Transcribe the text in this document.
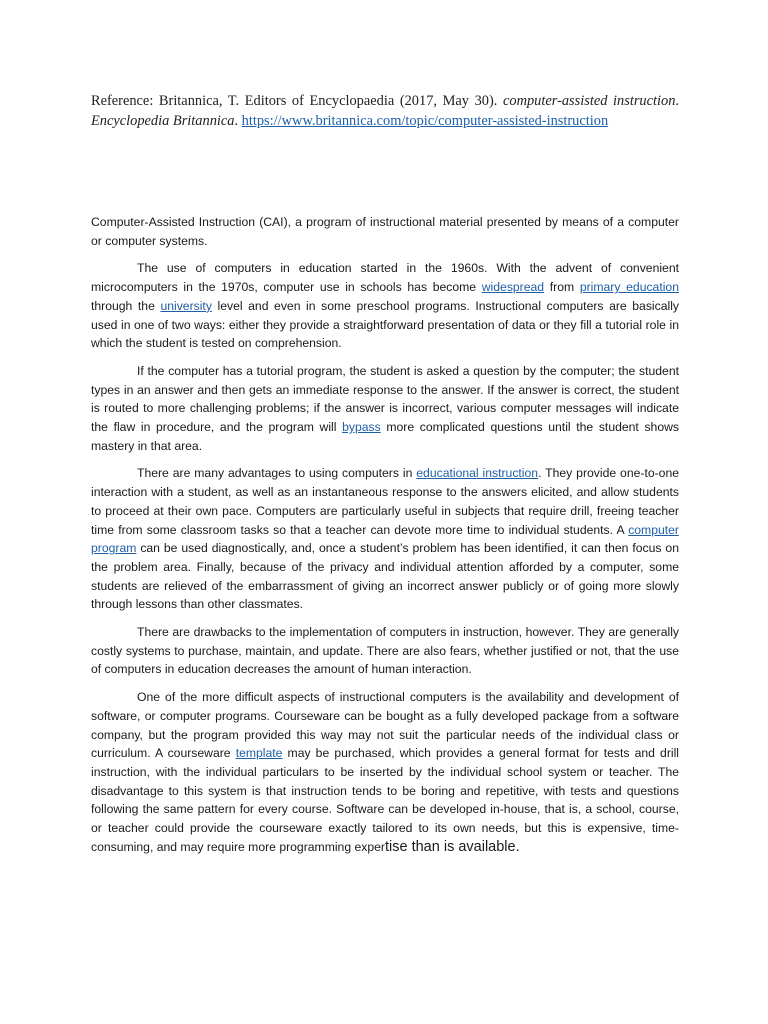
Reference: Britannica, T. Editors of Encyclopaedia (2017, May 30). computer-assisted instruction. Encyclopedia Britannica. https://www.britannica.com/topic/computer-assisted-instruction

Computer-Assisted Instruction (CAI), a program of instructional material presented by means of a computer or computer systems.

The use of computers in education started in the 1960s. With the advent of convenient microcomputers in the 1970s, computer use in schools has become widespread from primary education through the university level and even in some preschool programs. Instructional computers are basically used in one of two ways: either they provide a straightforward presentation of data or they fill a tutorial role in which the student is tested on comprehension.

If the computer has a tutorial program, the student is asked a question by the computer; the student types in an answer and then gets an immediate response to the answer. If the answer is correct, the student is routed to more challenging problems; if the answer is incorrect, various computer messages will indicate the flaw in procedure, and the program will bypass more complicated questions until the student shows mastery in that area.

There are many advantages to using computers in educational instruction. They provide one-to-one interaction with a student, as well as an instantaneous response to the answers elicited, and allow students to proceed at their own pace. Computers are particularly useful in subjects that require drill, freeing teacher time from some classroom tasks so that a teacher can devote more time to individual students. A computer program can be used diagnostically, and, once a student’s problem has been identified, it can then focus on the problem area. Finally, because of the privacy and individual attention afforded by a computer, some students are relieved of the embarrassment of giving an incorrect answer publicly or of going more slowly through lessons than other classmates.

There are drawbacks to the implementation of computers in instruction, however. They are generally costly systems to purchase, maintain, and update. There are also fears, whether justified or not, that the use of computers in education decreases the amount of human interaction.

One of the more difficult aspects of instructional computers is the availability and development of software, or computer programs. Courseware can be bought as a fully developed package from a software company, but the program provided this way may not suit the particular needs of the individual class or curriculum. A courseware template may be purchased, which provides a general format for tests and drill instruction, with the individual particulars to be inserted by the individual school system or teacher. The disadvantage to this system is that instruction tends to be boring and repetitive, with tests and questions following the same pattern for every course. Software can be developed in-house, that is, a school, course, or teacher could provide the courseware exactly tailored to its own needs, but this is expensive, time-consuming, and may require more programming expertise than is available.
